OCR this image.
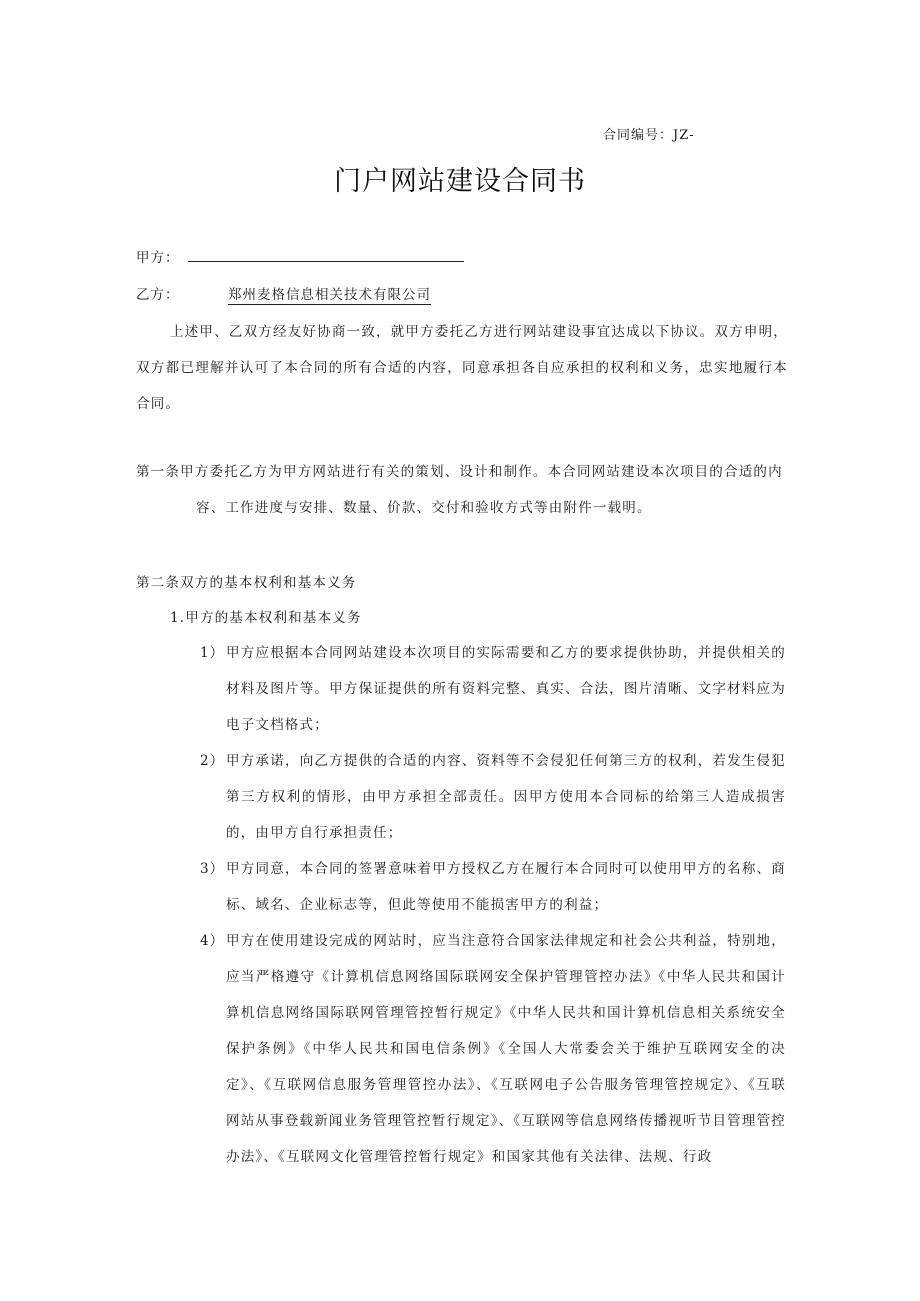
合同编号：JZ-
门户网站建设合同书
甲方：
乙方：	郑州麦格信息相关技术有限公司
上述甲、乙双方经友好协商一致，就甲方委托乙方进行网站建设事宜达成以下协议。双方申明，双方都已理解并认可了本合同的所有合适的内容，同意承担各自应承担的权利和义务，忠实地履行本合同。
第一条甲方委托乙方为甲方网站进行有关的策划、设计和制作。本合同网站建设本次项目的合适的内
容、工作进度与安排、数量、价款、交付和验收方式等由附件一载明。
第二条双方的基本权利和基本义务
1.甲方的基本权利和基本义务
1） 甲方应根据本合同网站建设本次项目的实际需要和乙方的要求提供协助，并提供相关的材料及图片等。甲方保证提供的所有资料完整、真实、合法，图片清晰、文字材料应为电子文档格式；
2） 甲方承诺，向乙方提供的合适的内容、资料等不会侵犯任何第三方的权利，若发生侵犯第三方权利的情形，由甲方承担全部责任。因甲方使用本合同标的给第三人造成损害的，由甲方自行承担责任；
3） 甲方同意，本合同的签署意味着甲方授权乙方在履行本合同时可以使用甲方的名称、商标、域名、企业标志等，但此等使用不能损害甲方的利益；
4） 甲方在使用建设完成的网站时，应当注意符合国家法律规定和社会公共利益，特别地，应当严格遵守《计算机信息网络国际联网安全保护管理管控办法》《中华人民共和国计算机信息网络国际联网管理管控暂行规定》《中华人民共和国计算机信息相关系统安全保护条例》《中华人民共和国电信条例》《全国人大常委会关于维护互联网安全的决定》、《互联网信息服务管理管控办法》、《互联网电子公告服务管理管控规定》、《互联网站从事登载新闻业务管理管控暂行规定》、《互联网等信息网络传播视听节目管理管控办法》、《互联网文化管理管控暂行规定》和国家其他有关法律、法规、行政
